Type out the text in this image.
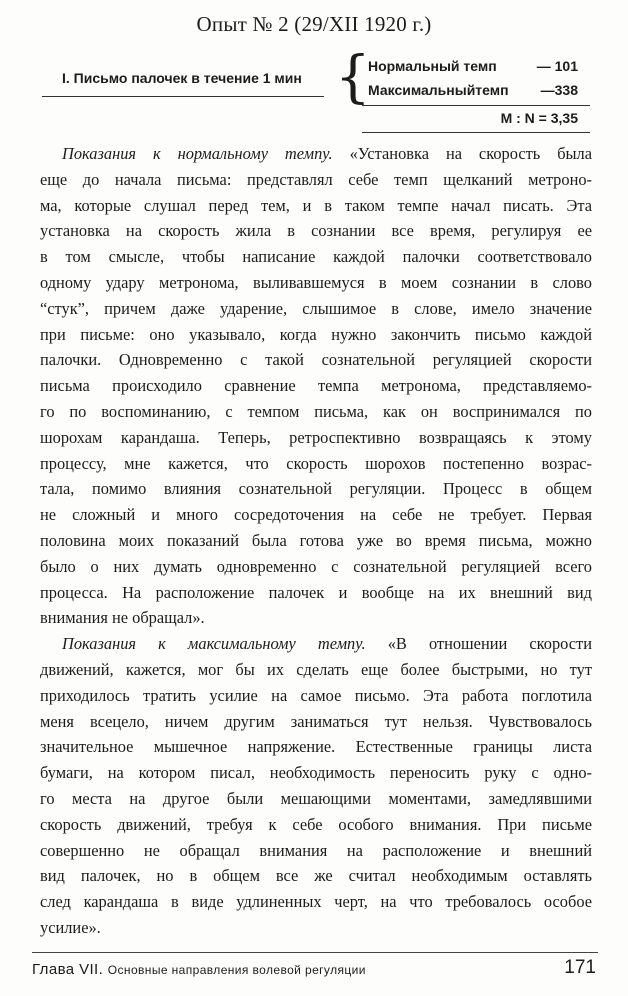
Опыт № 2 (29/XII 1920 г.)
I. Письмо палочек в течение 1 мин {
Нормальный темп	— 101
Максимальныйтемп —338
M : N = 3,35
Показания к нормальному темпу. «Установка на скорость была
еще до начала письма: представлял себе темп щелканий метроно-
ма, которые слушал перед тем, и в таком темпе начал писать. Эта
установка на скорость жила в сознании все время, регулируя ее
в том смысле, чтобы написание каждой палочки соответствовало
одному удару метронома, выливавшемуся в моем сознании в слово
“стук”, причем даже ударение, слышимое в слове, имело значение
при письме: оно указывало, когда нужно закончить письмо каждой
палочки. Одновременно с такой сознательной регуляцией скорости
письма происходило сравнение темпа метронома, представляемо-
го по воспоминанию, с темпом письма, как он воспринимался по
шорохам карандаша. Теперь, ретроспективно возвращаясь к этому
процессу, мне кажется, что скорость шорохов постепенно возрас-
тала, помимо влияния сознательной регуляции. Процесс в общем
не сложный и много сосредоточения на себе не требует. Первая
половина моих показаний была готова уже во время письма, можно
было о них думать одновременно с сознательной регуляцией всего
процесса. На расположение палочек и вообще на их внешний вид
внимания не обращал».
Показания к максимальному темпу. «В отношении скорости
движений, кажется, мог бы их сделать еще более быстрыми, но тут
приходилось тратить усилие на самое письмо. Эта работа поглотила
меня всецело, ничем другим заниматься тут нельзя. Чувствовалось
значительное мышечное напряжение. Естественные границы листа
бумаги, на котором писал, необходимость переносить руку с одно-
го места на другое были мешающими моментами, замедлявшими
скорость движений, требуя к себе особого внимания. При письме
совершенно не обращал внимания на расположение и внешний
вид палочек, но в общем все же считал необходимым оставлять
след карандаша в виде удлиненных черт, на что требовалось особое
усилие».
Глава VII. Основные направления волевой регуляции	171
